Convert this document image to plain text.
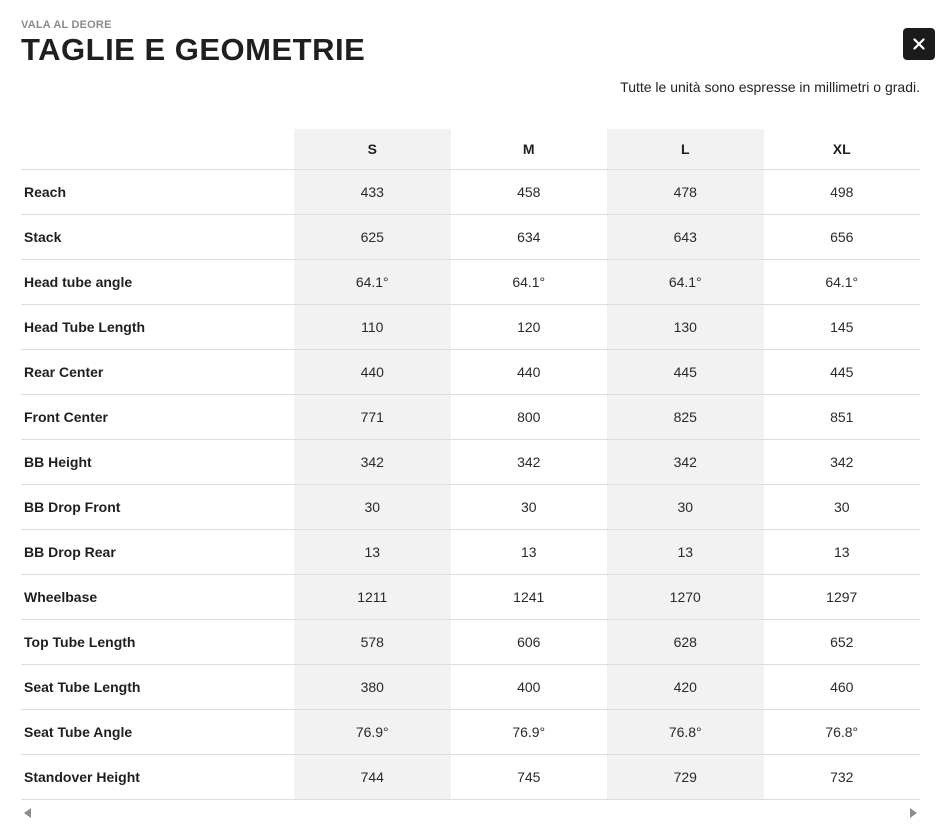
VALA AL DEORE
TAGLIE E GEOMETRIE
Tutte le unità sono espresse in millimetri o gradi.
	S	M	L	XL
Reach	433	458	478	498
Stack	625	634	643	656
Head tube angle	64.1°	64.1°	64.1°	64.1°
Head Tube Length	110	120	130	145
Rear Center	440	440	445	445
Front Center	771	800	825	851
BB Height	342	342	342	342
BB Drop Front	30	30	30	30
BB Drop Rear	13	13	13	13
Wheelbase	1211	1241	1270	1297
Top Tube Length	578	606	628	652
Seat Tube Length	380	400	420	460
Seat Tube Angle	76.9°	76.9°	76.8°	76.8°
Standover Height	744	745	729	732
